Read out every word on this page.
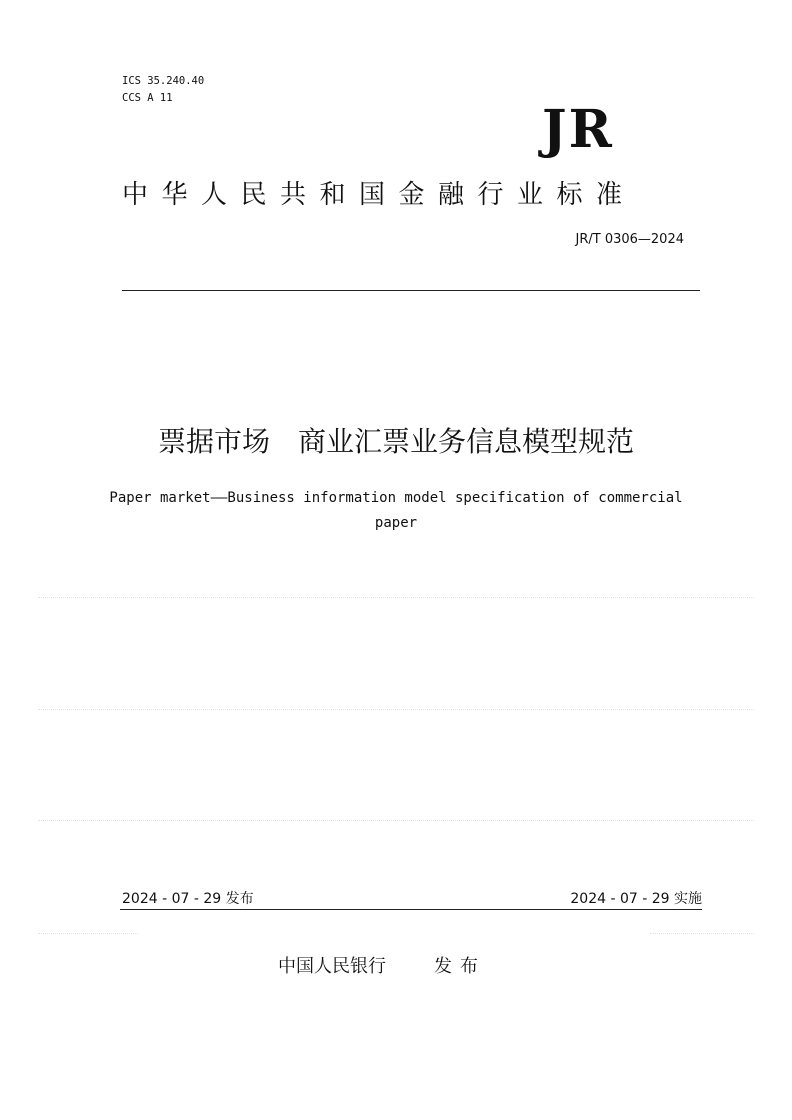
ICS 35.240.40
CCS A 11
JR
中华人民共和国金融行业标准
JR/T 0306—2024
票据市场　商业汇票业务信息模型规范
Paper market——Business information model specification of commercial paper
2024 - 07 - 29 发布	2024 - 07 - 29 实施
中国人民银行	发布
